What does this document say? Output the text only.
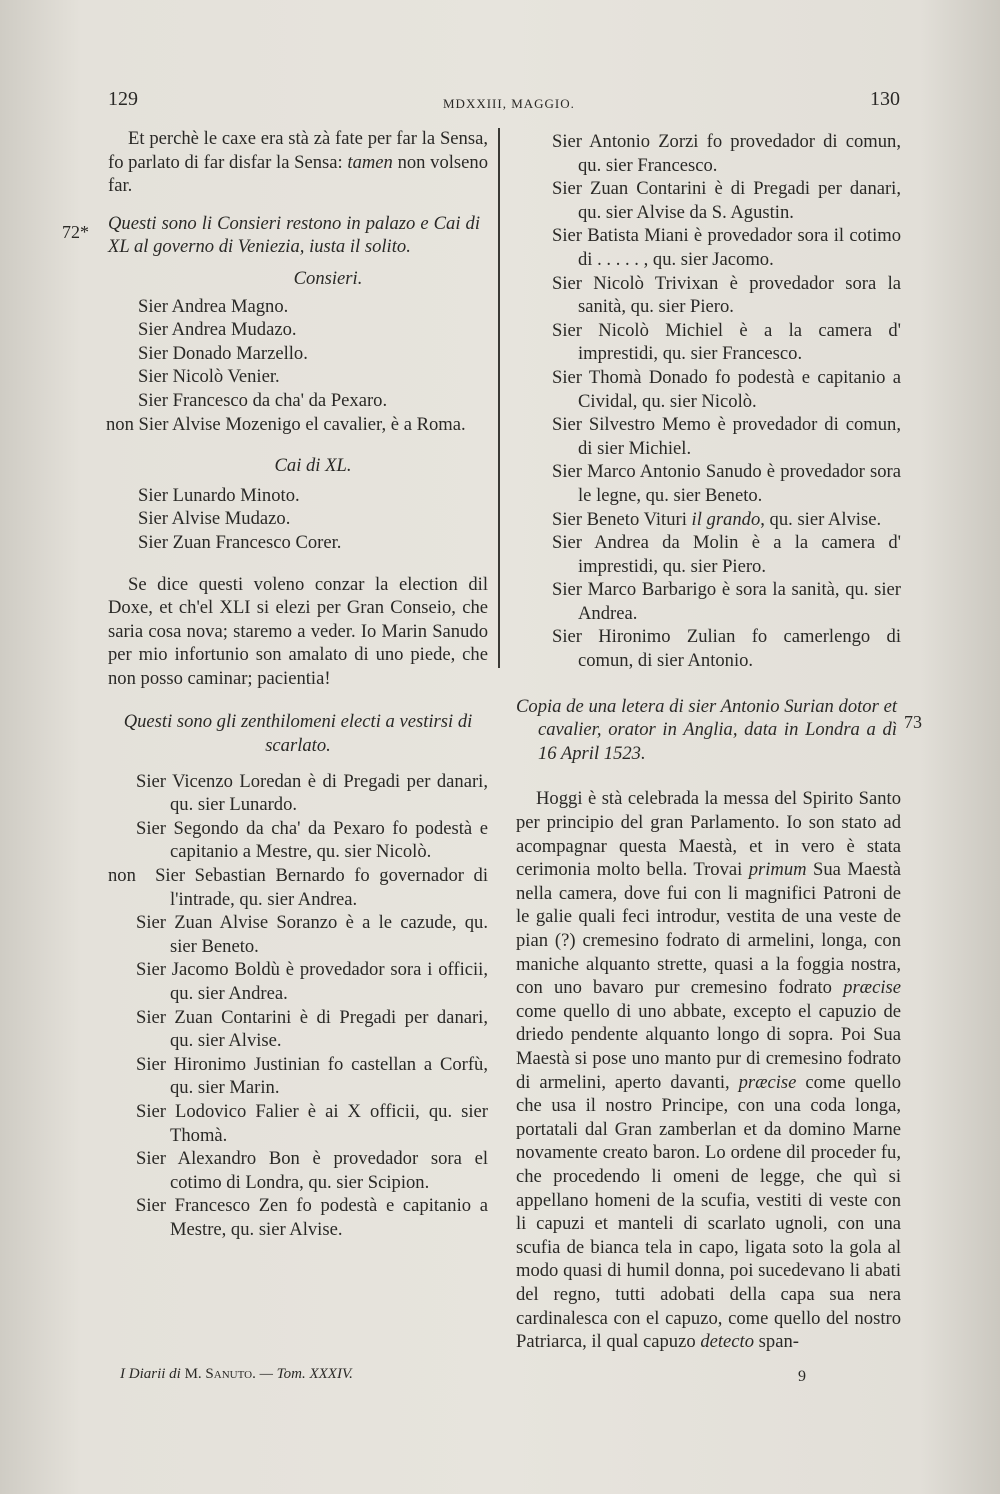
129	MDXXIII, MAGGIO.	130
72*
73

Et perchè le caxe era stà zà fate per far la Sensa, fo parlato di far disfar la Sensa: tamen non volseno far.

Questi sono li Consieri restono in palazo e Cai di XL al governo di Veniezia, iusta il solito.

Consieri.

Sier Andrea Magno.

Sier Andrea Mudazo.

Sier Donado Marzello.

Sier Nicolò Venier.

Sier Francesco da cha' da Pexaro.

non Sier Alvise Mozenigo el cavalier, è a Roma.

Cai di XL.

Sier Lunardo Minoto.

Sier Alvise Mudazo.

Sier Zuan Francesco Corer.

Se dice questi voleno conzar la election dil Doxe, et ch'el XLI si elezi per Gran Conseio, che saria cosa nova; staremo a veder. Io Marin Sanudo per mio infortunio son amalato di uno piede, che non posso caminar; pacientia!

Questi sono gli zenthilomeni electi a vestirsi di scarlato.

Sier Vicenzo Loredan è di Pregadi per danari, qu. sier Lunardo.

Sier Segondo da cha' da Pexaro fo podestà e capitanio a Mestre, qu. sier Nicolò.

non Sier Sebastian Bernardo fo governador di l'intrade, qu. sier Andrea.

Sier Zuan Alvise Soranzo è a le cazude, qu. sier Beneto.

Sier Jacomo Boldù è provedador sora i officii, qu. sier Andrea.

Sier Zuan Contarini è di Pregadi per danari, qu. sier Alvise.

Sier Hironimo Justinian fo castellan a Corfù, qu. sier Marin.

Sier Lodovico Falier è ai X officii, qu. sier Thomà.

Sier Alexandro Bon è provedador sora el cotimo di Londra, qu. sier Scipion.

Sier Francesco Zen fo podestà e capitanio a Mestre, qu. sier Alvise.

Sier Antonio Zorzi fo provedador di comun, qu. sier Francesco.

Sier Zuan Contarini è di Pregadi per danari, qu. sier Alvise da S. Agustin.

Sier Batista Miani è provedador sora il cotimo di . . . . . , qu. sier Jacomo.

Sier Nicolò Trivixan è provedador sora la sanità, qu. sier Piero.

Sier Nicolò Michiel è a la camera d' imprestidi, qu. sier Francesco.

Sier Thomà Donado fo podestà e capitanio a Cividal, qu. sier Nicolò.

Sier Silvestro Memo è provedador di comun, di sier Michiel.

Sier Marco Antonio Sanudo è provedador sora le legne, qu. sier Beneto.

Sier Beneto Vituri il grando, qu. sier Alvise.

Sier Andrea da Molin è a la camera d' imprestidi, qu. sier Piero.

Sier Marco Barbarigo è sora la sanità, qu. sier Andrea.

Sier Hironimo Zulian fo camerlengo di comun, di sier Antonio.

Copia de una letera di sier Antonio Surian dotor et cavalier, orator in Anglia, data in Londra a dì 16 April 1523.

Hoggi è stà celebrada la messa del Spirito Santo per principio del gran Parlamento. Io son stato ad acompagnar questa Maestà, et in vero è stata cerimonia molto bella. Trovai primum Sua Maestà nella camera, dove fui con li magnifici Patroni de le galie quali feci introdur, vestita de una veste de pian (?) cremesino fodrato di armelini, longa, con maniche alquanto strette, quasi a la foggia nostra, con uno bavaro pur cremesino fodrato præcise come quello di uno abbate, excepto el capuzio de driedo pendente alquanto longo di sopra. Poi Sua Maestà si pose uno manto pur di cremesino fodrato di armelini, aperto davanti, præcise come quello che usa il nostro Principe, con una coda longa, portatali dal Gran zamberlan et da domino Marne novamente creato baron. Lo ordene dil proceder fu, che procedendo li omeni de legge, che quì si appellano homeni de la scufia, vestiti di veste con li capuzi et manteli di scarlato ugnoli, con una scufia de bianca tela in capo, ligata soto la gola al modo quasi di humil donna, poi sucedevano li abati del regno, tutti adobati della capa sua nera cardinalesca con el capuzo, come quello del nostro Patriarca, il qual capuzo detecto span-

I Diarii di M. Sanuto. — Tom. XXXIV.	9
